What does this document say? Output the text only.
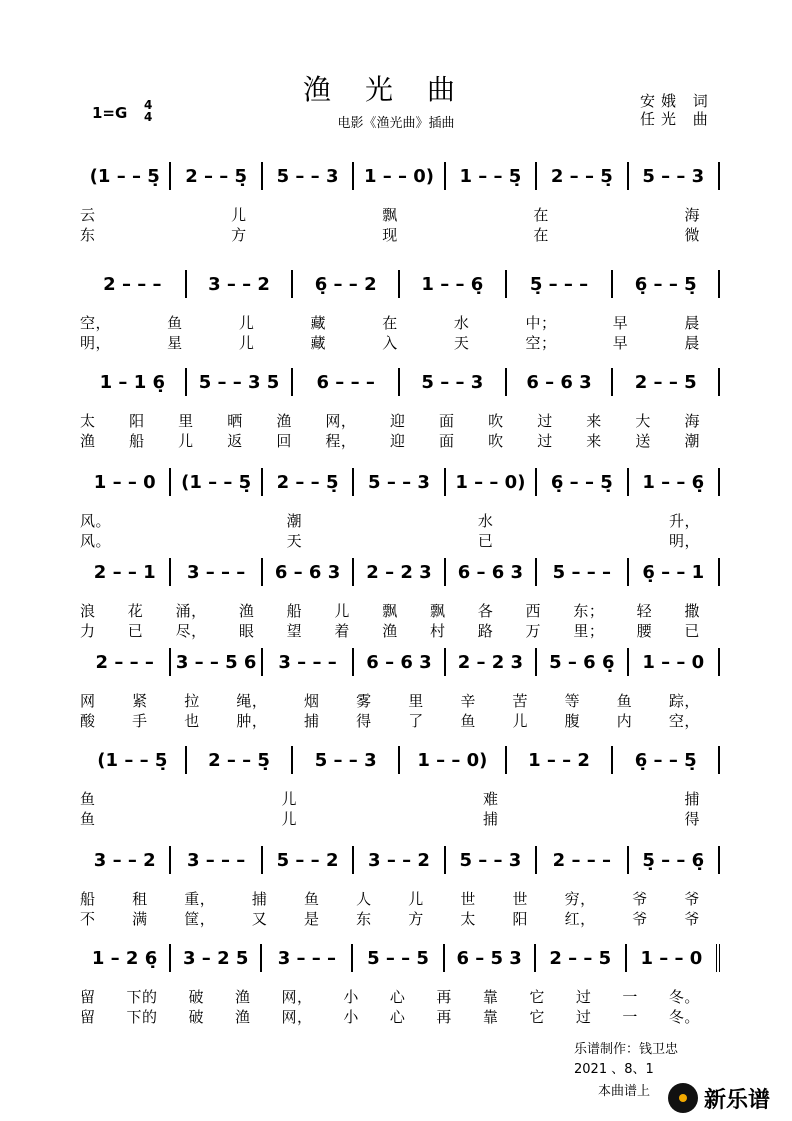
渔光曲
电影《渔光曲》插曲
1=G 4
4
安娥 词
任光 曲
(1 – – 5̣	2 – – 5̣	5 – – 3	1 – – 0)	1 – – 5̣	2 – – 5̣	5 – – 3
云	儿	飘	在	海
东	方	现	在	微
2 – – –	3 – – 2	6̣ – – 2	1 – – 6̣	5̣ – – –	6̣ – – 5̣
空，	鱼	儿	藏	在	水	中；	早	晨
明，	星	儿	藏	入	天	空；	早	晨
1 – 1 6̣	5 – – 3 5	6 – – –	5 – – 3	6 – 6 3	2 – – 5
太 阳 里 晒 渔 网， 迎 面 吹 过 来 大 海
渔 船 儿 返 回 程， 迎 面 吹 过 来 送 潮
1 – – 0	(1 – – 5̣	2 – – 5̣	5 – – 3	1 – – 0)	6̣ – – 5̣	1 – – 6̣
风。	潮	水	升，
风。	天	已	明，
2 – – 1	3 – – –	6 – 6 3	2 – 2 3	6 – 6 3	5 – – –	6̣ – – 1
浪 花 涌， 渔 船 儿 飘 飘 各 西 东； 轻 撒
力 已 尽， 眼 望 着 渔 村 路 万 里； 腰 已
2 – – –	3 – – 5 6	3 – – –	6 – 6 3	2 – 2 3	5 – 6 6̣	1 – – 0
网 紧 拉 绳， 烟 雾 里 辛 苦 等 鱼 踪，
酸 手 也 肿， 捕 得 了 鱼 儿 腹 内 空，
(1 – – 5̣	2 – – 5̣	5 – – 3	1 – – 0)	1 – – 2	6̣ – – 5̣
鱼	儿	难	捕
鱼	儿	捕	得
3 – – 2	3 – – –	5 – – 2	3 – – 2	5 – – 3	2 – – –	5̣ – – 6̣
船 租 重， 捕 鱼 人 儿 世 世 穷， 爷 爷
不 满 筐， 又 是 东 方 太 阳 红， 爷 爷
1 – 2 6̣	3 – 2 5	3 – – –	5 – – 5	6 – 5 3	2 – – 5	1 – – 0
留 下的 破 渔 网， 小 心 再 靠 它 过 一 冬。
留 下的 破 渔 网， 小 心 再 靠 它 过 一 冬。
乐谱制作：钱卫忠
2021 、8、1
本曲谱上 新乐谱
